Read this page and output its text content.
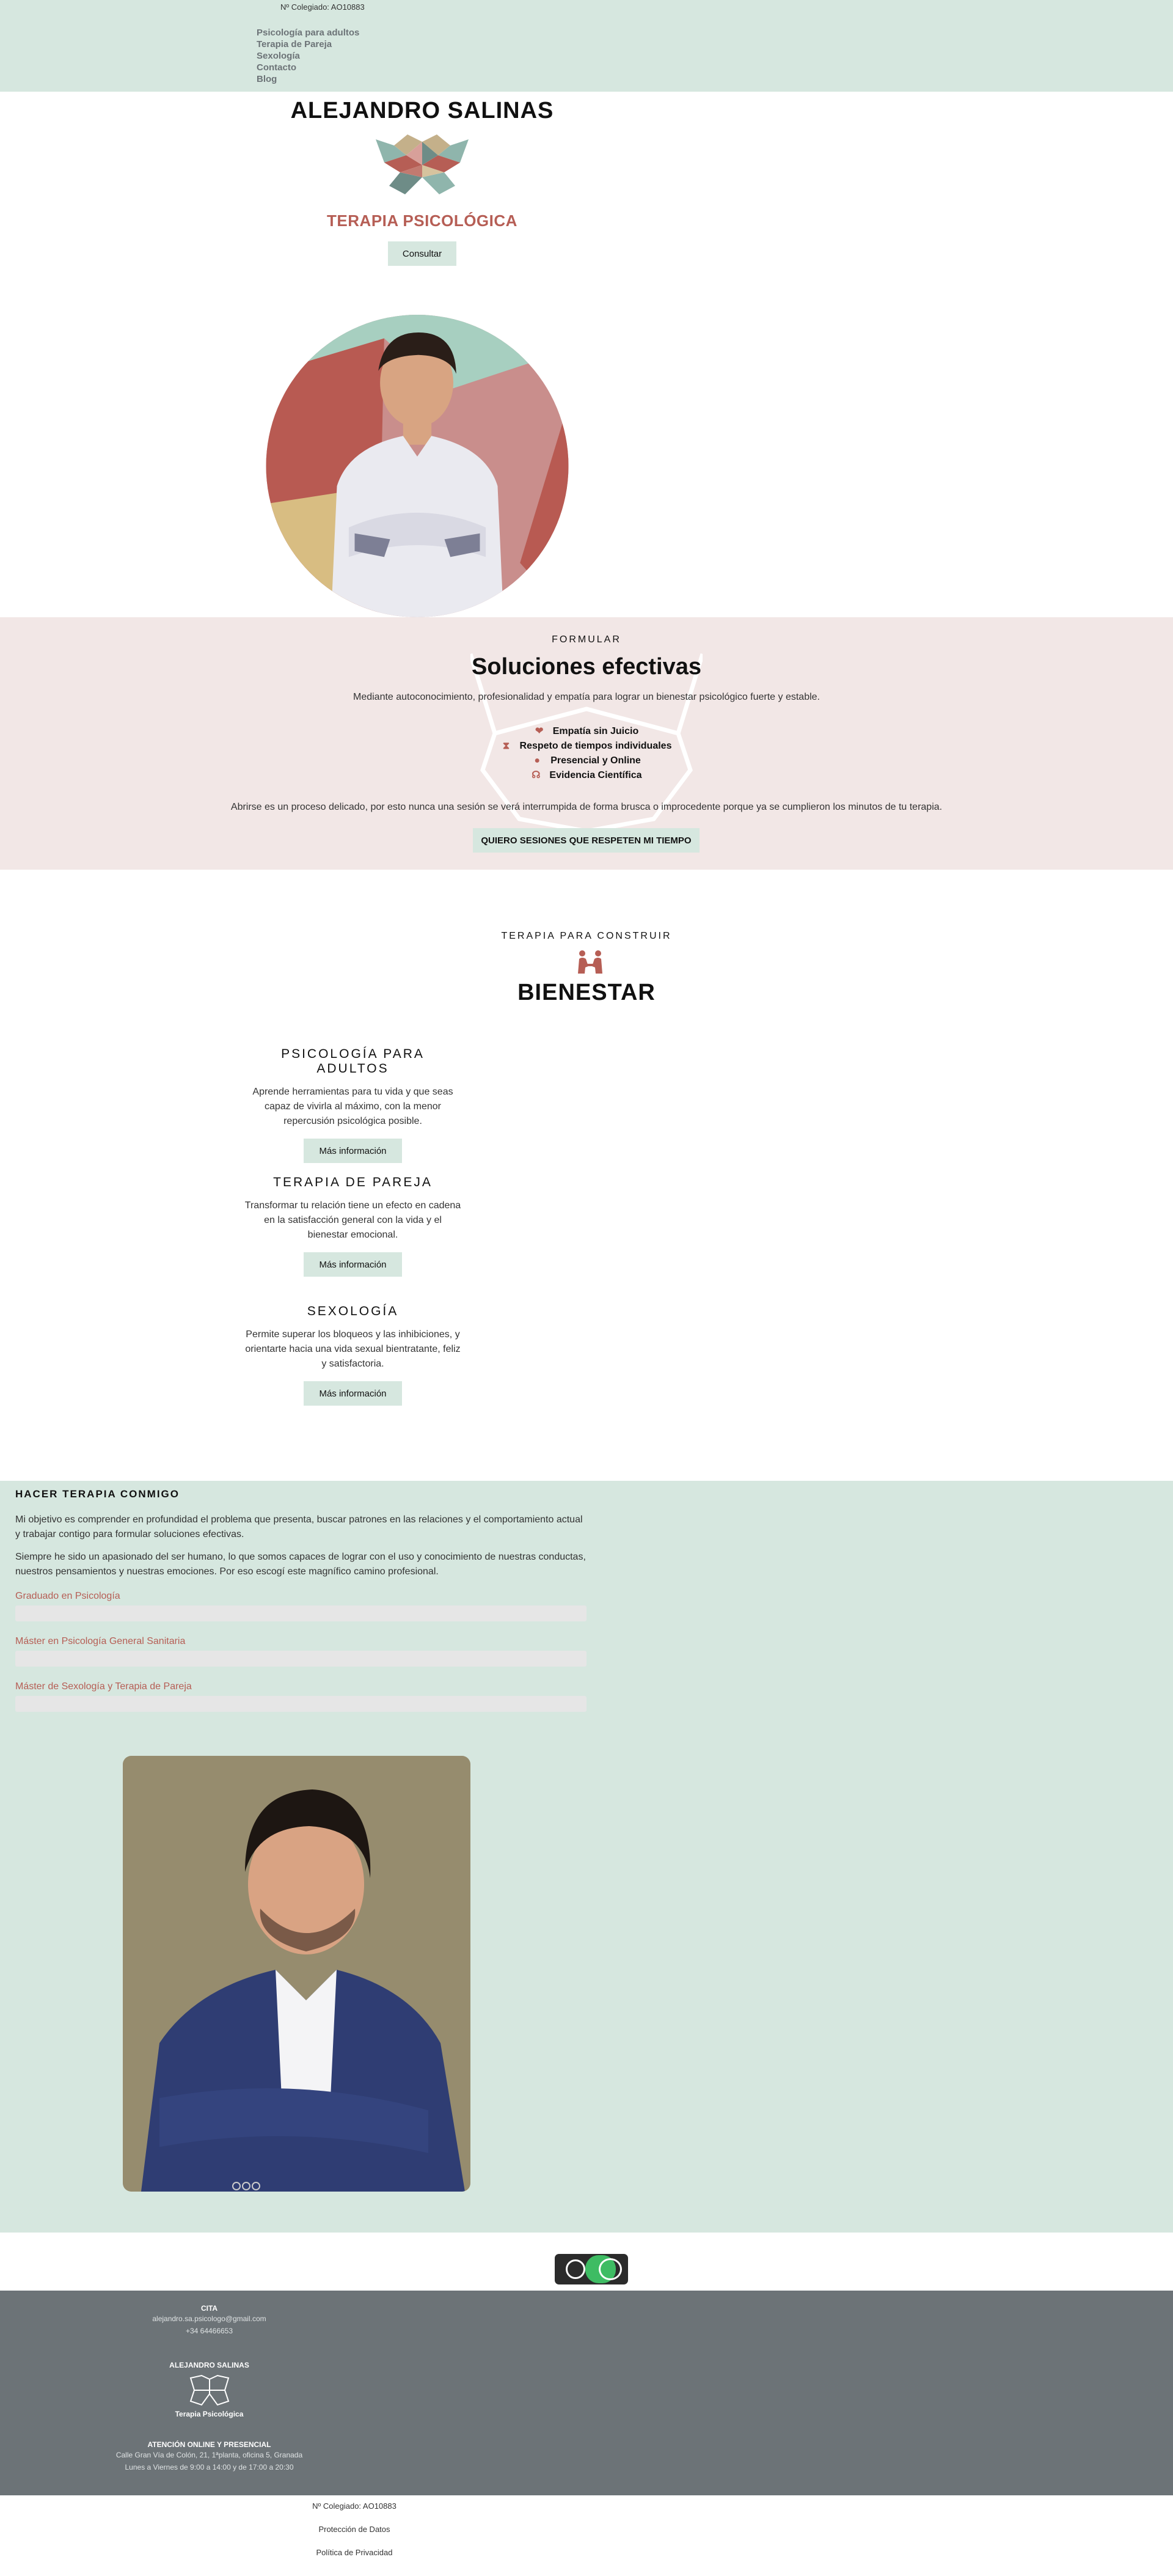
Nº Colegiado: AO10883
Psicología para adultos
Terapia de Pareja
Sexología
Contacto
Blog
ALEJANDRO SALINAS
TERAPIA PSICOLÓGICA
Consultar
FORMULAR
Soluciones efectivas

Mediante autoconocimiento, profesionalidad y empatía para lograr un bienestar psicológico fuerte y estable.

❤ Empatía sin Juicio
⧗ Respeto de tiempos individuales
● Presencial y Online
☊ Evidencia Científica

Abrirse es un proceso delicado, por esto nunca una sesión se verá interrumpida de forma brusca o improcedente porque ya se cumplieron los minutos de tu terapia.

QUIERO SESIONES QUE RESPETEN MI TIEMPO
TERAPIA PARA CONSTRUIR
BIENESTAR
PSICOLOGÍA PARA ADULTOS

Aprende herramientas para tu vida y que seas capaz de vivirla al máximo, con la menor repercusión psicológica posible.

Más información
TERAPIA DE PAREJA

Transformar tu relación tiene un efecto en cadena en la satisfacción general con la vida y el bienestar emocional.

Más información
SEXOLOGÍA

Permite superar los bloqueos y las inhibiciones, y orientarte hacia una vida sexual bientratante, feliz y satisfactoria.

Más información
HACER TERAPIA CONMIGO

Mi objetivo es comprender en profundidad el problema que presenta, buscar patrones en las relaciones y el comportamiento actual y trabajar contigo para formular soluciones efectivas.

Siempre he sido un apasionado del ser humano, lo que somos capaces de lograr con el uso y conocimiento de nuestras conductas, nuestros pensamientos y nuestras emociones. Por eso escogí este magnífico camino profesional.

Graduado en Psicología
Máster en Psicología General Sanitaria
Máster de Sexología y Terapia de Pareja
CITA
alejandro.sa.psicologo@gmail.com
+34 64466653
ALEJANDRO SALINAS
Terapia Psicológica
ATENCIÓN ONLINE Y PRESENCIAL
Calle Gran Vía de Colón, 21, 1ªplanta, oficina 5, Granada
Lunes a Viernes de 9:00 a 14:00 y de 17:00 a 20:30
Nº Colegiado: AO10883
Protección de Datos
Política de Privacidad
